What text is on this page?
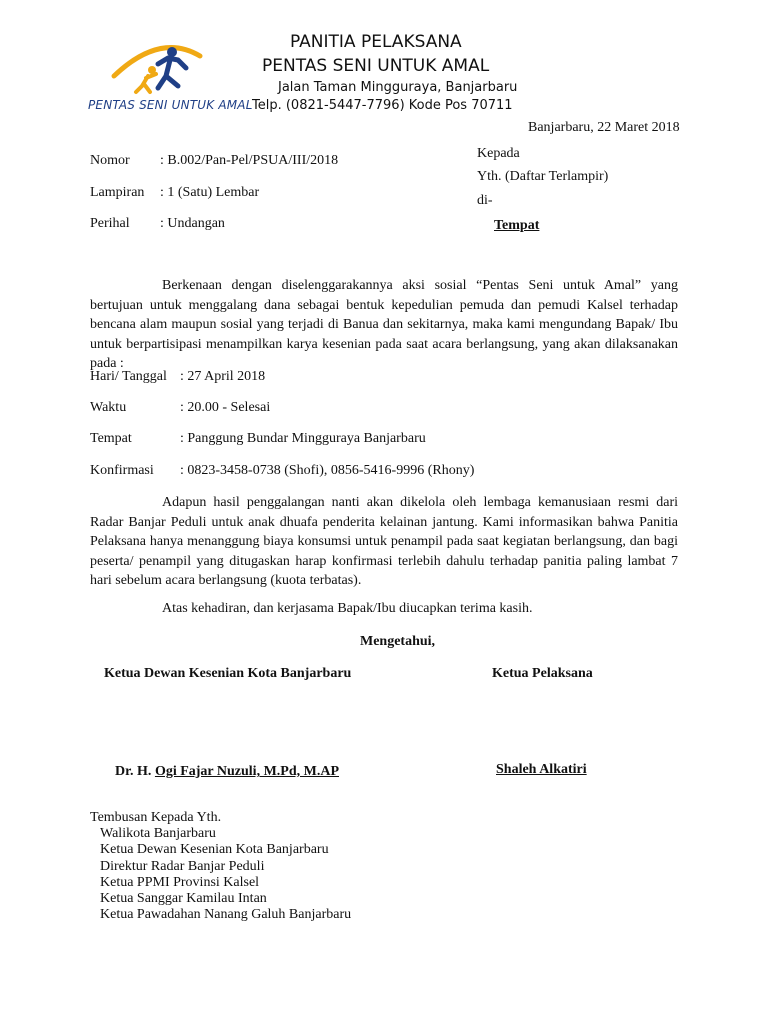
PENTAS SENI UNTUK AMAL
PANITIA PELAKSANA
PENTAS SENI UNTUK AMAL
Jalan Taman Mingguraya, Banjarbaru
Telp. (0821-5447-7796) Kode Pos 70711
Banjarbaru, 22 Maret 2018
Nomor : B.002/Pan-Pel/PSUA/III/2018
Lampiran : 1 (Satu) Lembar
Perihal : Undangan
Kepada
Yth. (Daftar Terlampir)
di-
Tempat
Berkenaan dengan diselenggarakannya aksi sosial “Pentas Seni untuk Amal” yang bertujuan untuk menggalang dana sebagai bentuk kepedulian pemuda dan pemudi Kalsel terhadap bencana alam maupun sosial yang terjadi di Banua dan sekitarnya, maka kami mengundang Bapak/ Ibu untuk berpartisipasi menampilkan karya kesenian pada saat acara berlangsung, yang akan dilaksanakan pada :
Hari/ Tanggal : 27 April 2018
Waktu	: 20.00 - Selesai
Tempat	: Panggung Bundar Mingguraya Banjarbaru
Konfirmasi : 0823-3458-0738 (Shofi), 0856-5416-9996 (Rhony)
Adapun hasil penggalangan nanti akan dikelola oleh lembaga kemanusiaan resmi dari Radar Banjar Peduli untuk anak dhuafa penderita kelainan jantung. Kami informasikan bahwa Panitia Pelaksana hanya menanggung biaya konsumsi untuk penampil pada saat kegiatan berlangsung, dan bagi peserta/ penampil yang ditugaskan harap konfirmasi terlebih dahulu terhadap panitia paling lambat 7 hari sebelum acara berlangsung (kuota terbatas).
Atas kehadiran, dan kerjasama Bapak/Ibu diucapkan terima kasih.
Mengetahui,
Ketua Dewan Kesenian Kota Banjarbaru	Ketua Pelaksana
Dr. H. Ogi Fajar Nuzuli, M.Pd, M.AP	Shaleh Alkatiri
Tembusan Kepada Yth.
Walikota Banjarbaru
Ketua Dewan Kesenian Kota Banjarbaru
Direktur Radar Banjar Peduli
Ketua PPMI Provinsi Kalsel
Ketua Sanggar Kamilau Intan
Ketua Pawadahan Nanang Galuh Banjarbaru
